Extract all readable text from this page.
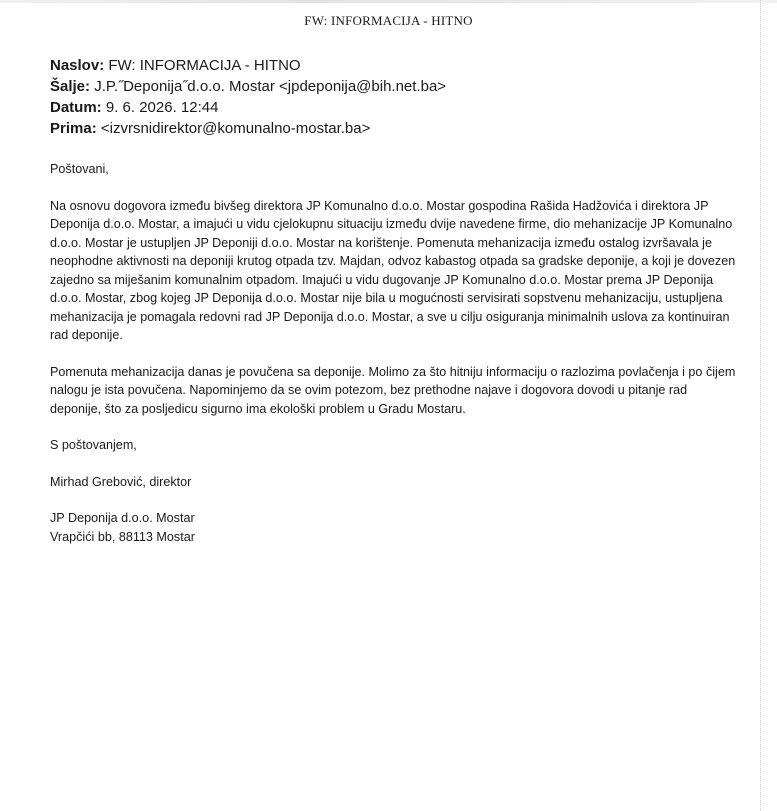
FW: INFORMACIJA - HITNO
Naslov: FW: INFORMACIJA - HITNO
Šalje: J.P.˝Deponija˝d.o.o. Mostar <jpdeponija@bih.net.ba>
Datum: 9. 6. 2026. 12:44
Prima: <izvrsnidirektor@komunalno-mostar.ba>

Poštovani,

Na osnovu dogovora između bivšeg direktora JP Komunalno d.o.o. Mostar gospodina Rašida Hadžovića i direktora JP Deponija d.o.o. Mostar, a imajući u vidu cjelokupnu situaciju između dvije navedene firme, dio mehanizacije JP Komunalno d.o.o. Mostar je ustupljen JP Deponiji d.o.o. Mostar na korištenje. Pomenuta mehanizacija između ostalog izvršavala je neophodne aktivnosti na deponiji krutog otpada tzv. Majdan, odvoz kabastog otpada sa gradske deponije, a koji je dovezen zajedno sa miješanim komunalnim otpadom. Imajući u vidu dugovanje JP Komunalno d.o.o. Mostar prema JP Deponija d.o.o. Mostar, zbog kojeg JP Deponija d.o.o. Mostar nije bila u mogućnosti servisirati sopstvenu mehanizaciju, ustupljena mehanizacija je pomagala redovni rad JP Deponija d.o.o. Mostar, a sve u cilju osiguranja minimalnih uslova za kontinuiran rad deponije.

Pomenuta mehanizacija danas je povučena sa deponije. Molimo za što hitniju informaciju o razlozima povlačenja i po čijem nalogu je ista povučena. Napominjemo da se ovim potezom, bez prethodne najave i dogovora dovodi u pitanje rad deponije, što za posljedicu sigurno ima ekološki problem u Gradu Mostaru.

S poštovanjem,

Mirhad Grebović, direktor

JP Deponija d.o.o. Mostar

Vrapčići bb, 88113 Mostar
